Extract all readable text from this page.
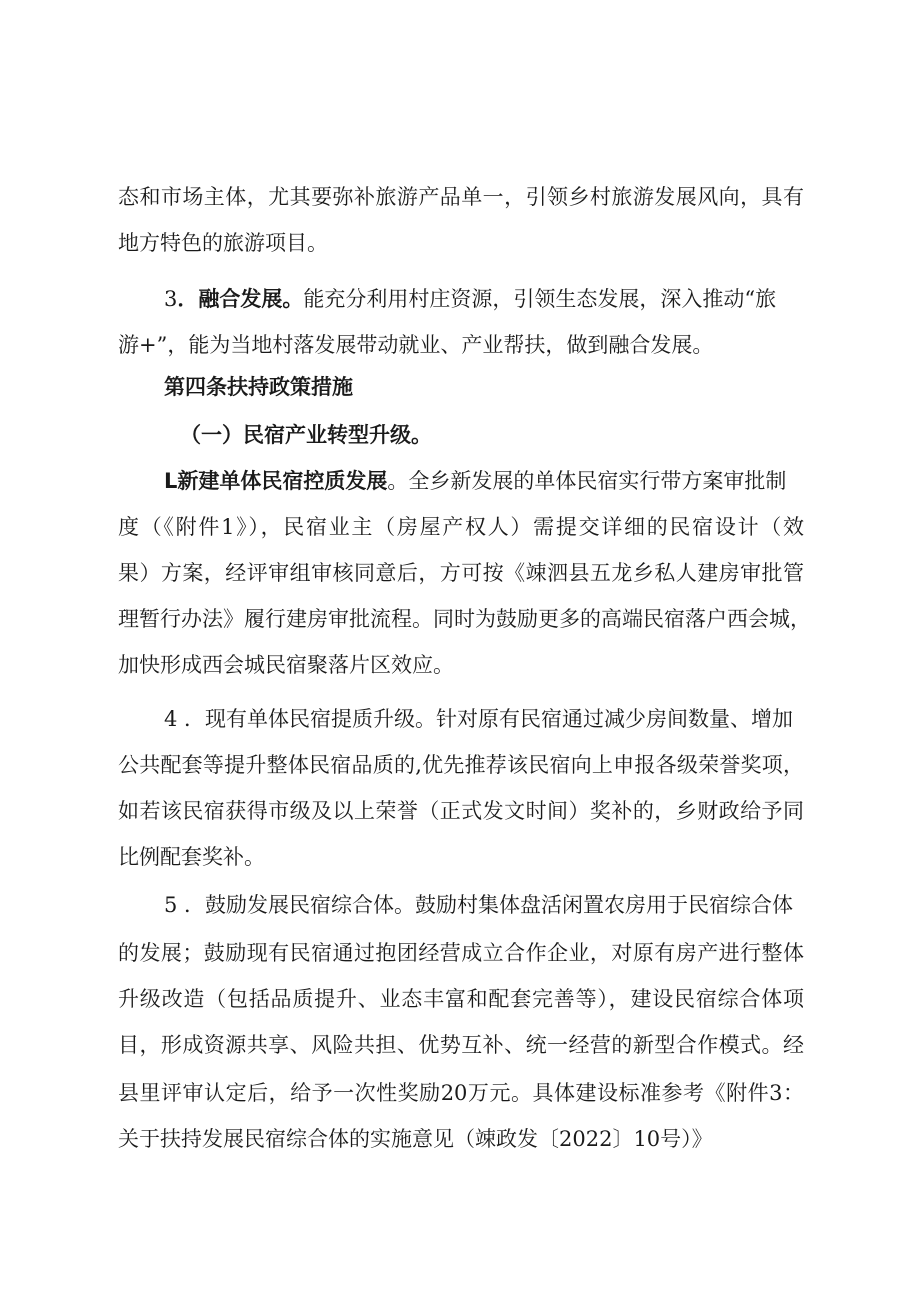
态和市场主体，尤其要弥补旅游产品单一，引领乡村旅游发展风向，具有

地方特色的旅游项目。

3．融合发展。能充分利用村庄资源，引领生态发展，深入推动“旅

游+”，能为当地村落发展带动就业、产业帮扶，做到融合发展。

第四条扶持政策措施

（一）民宿产业转型升级。

L新建单体民宿控质发展。全乡新发展的单体民宿实行带方案审批制

度（《附件1》），民宿业主（房屋产权人）需提交详细的民宿设计（效

果）方案，经评审组审核同意后，方可按《竦泗县五龙乡私人建房审批管

理暂行办法》履行建房审批流程。同时为鼓励更多的高端民宿落户西会城，

加快形成西会城民宿聚落片区效应。

4 ．现有单体民宿提质升级。针对原有民宿通过减少房间数量、增加

公共配套等提升整体民宿品质的,优先推荐该民宿向上申报各级荣誉奖项，

如若该民宿获得市级及以上荣誉（正式发文时间）奖补的，乡财政给予同

比例配套奖补。

5 ．鼓励发展民宿综合体。鼓励村集体盘活闲置农房用于民宿综合体

的发展；鼓励现有民宿通过抱团经营成立合作企业，对原有房产进行整体

升级改造（包括品质提升、业态丰富和配套完善等），建设民宿综合体项

目，形成资源共享、风险共担、优势互补、统一经营的新型合作模式。经

县里评审认定后，给予一次性奖励20万元。具体建设标准参考《附件3：

关于扶持发展民宿综合体的实施意见（竦政发〔2022〕10号）》
